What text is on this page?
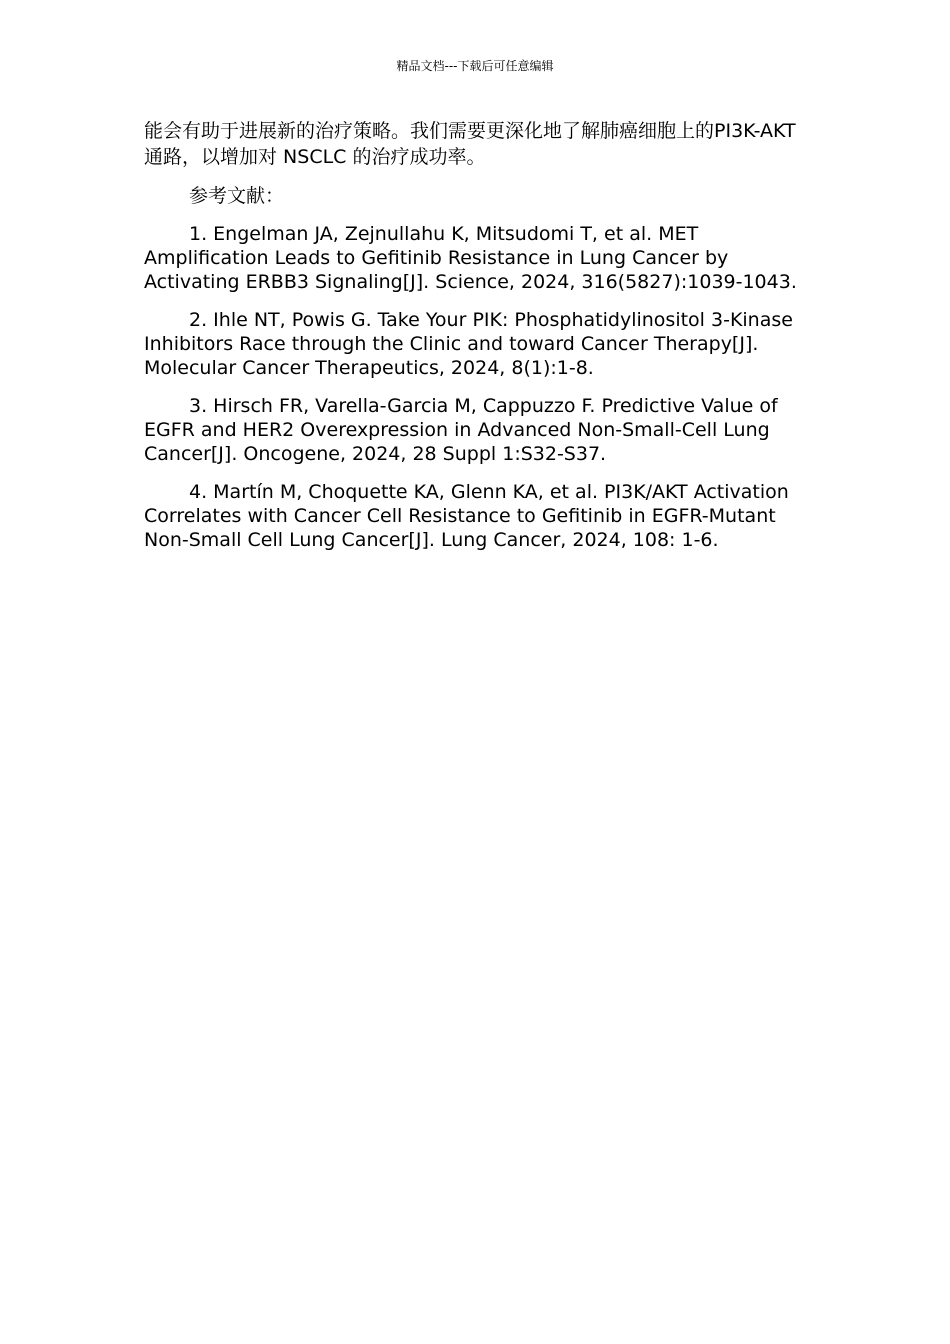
精品文档---下载后可任意编辑

能会有助于进展新的治疗策略。我们需要更深化地了解肺癌细胞上的PI3K-AKT 通路，以增加对 NSCLC 的治疗成功率。

参考文献：

1. Engelman JA, Zejnullahu K, Mitsudomi T, et al. MET Amplification Leads to Gefitinib Resistance in Lung Cancer by Activating ERBB3 Signaling[J]. Science, 2024, 316(5827):1039-1043.

2. Ihle NT, Powis G. Take Your PIK: Phosphatidylinositol 3-Kinase Inhibitors Race through the Clinic and toward Cancer Therapy[J]. Molecular Cancer Therapeutics, 2024, 8(1):1-8.

3. Hirsch FR, Varella-Garcia M, Cappuzzo F. Predictive Value of EGFR and HER2 Overexpression in Advanced Non-Small-Cell Lung Cancer[J]. Oncogene, 2024, 28 Suppl 1:S32-S37.

4. Martín M, Choquette KA, Glenn KA, et al. PI3K/AKT Activation Correlates with Cancer Cell Resistance to Gefitinib in EGFR-Mutant Non-Small Cell Lung Cancer[J]. Lung Cancer, 2024, 108: 1-6.
